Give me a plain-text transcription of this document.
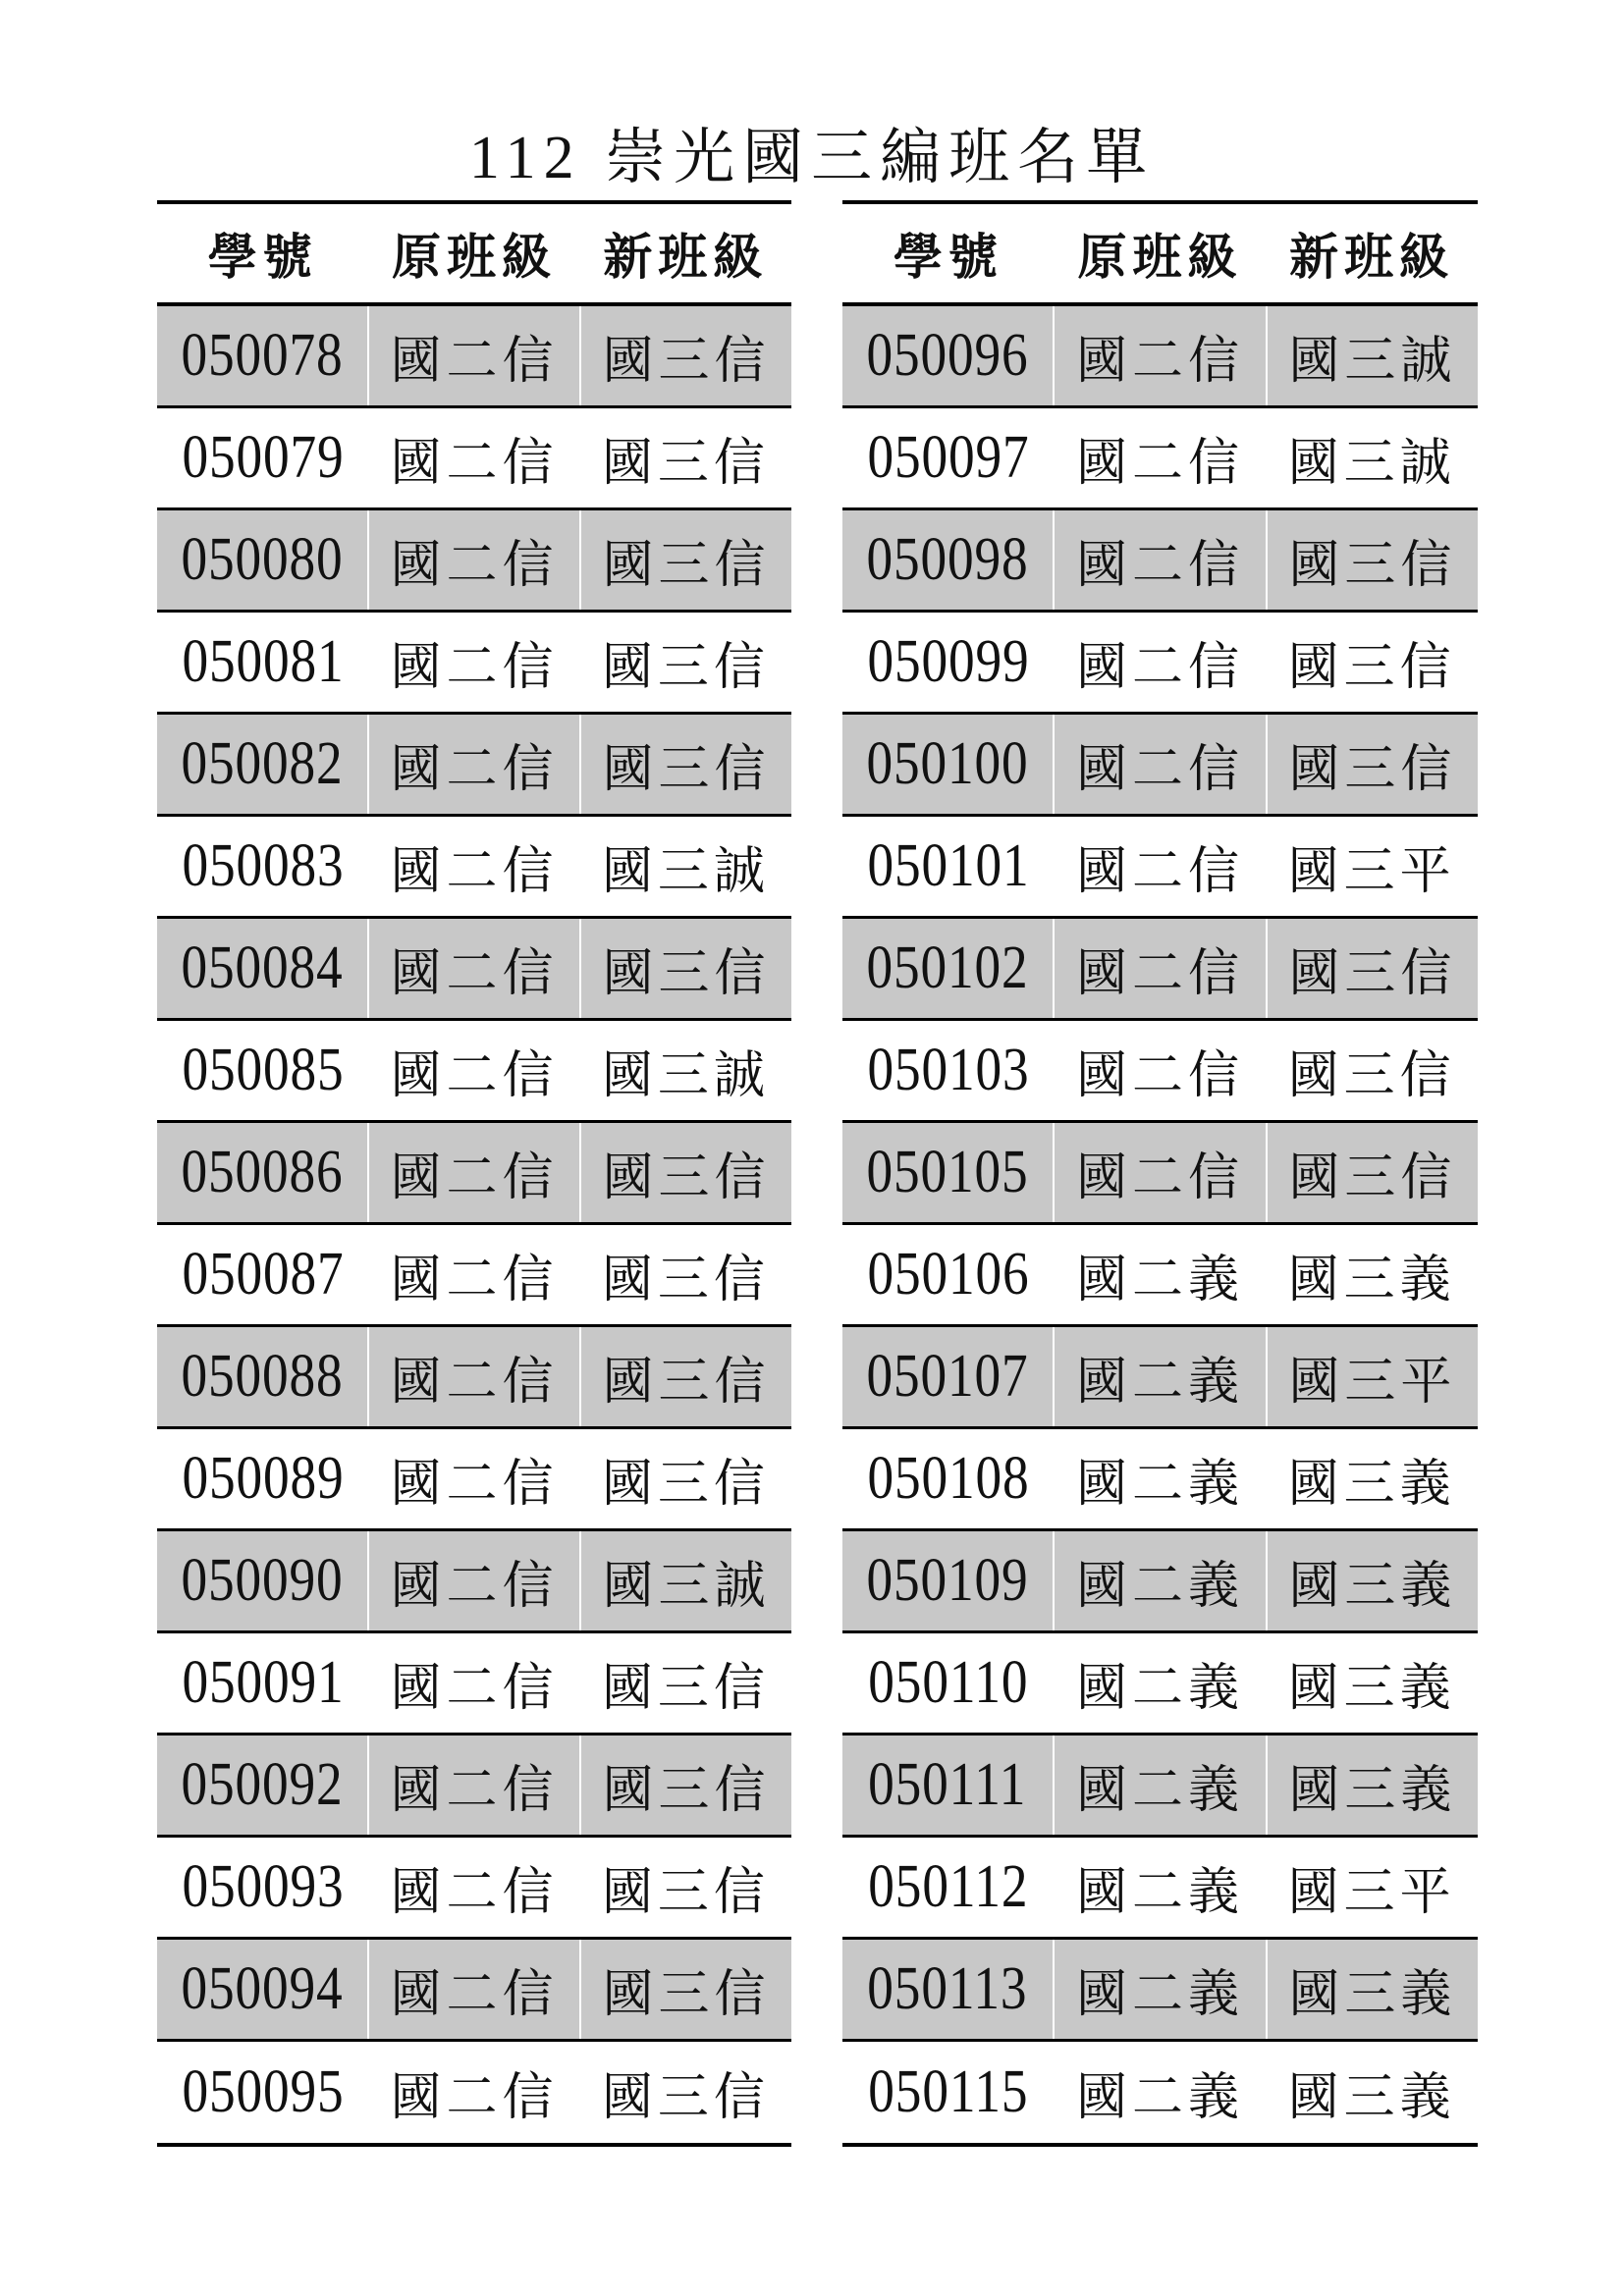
112 崇光國三編班名單
學號	原班級 新班級
050078 國二信 國三信
050079 國二信 國三信
050080 國二信 國三信
050081 國二信 國三信
050082 國二信 國三信
050083 國二信 國三誠
050084 國二信 國三信
050085 國二信 國三誠
050086 國二信 國三信
050087 國二信 國三信
050088 國二信 國三信
050089 國二信 國三信
050090 國二信 國三誠
050091 國二信 國三信
050092 國二信 國三信
050093 國二信 國三信
050094 國二信 國三信
050095 國二信 國三信
學號	原班級 新班級
050096 國二信 國三誠
050097 國二信 國三誠
050098 國二信 國三信
050099 國二信 國三信
050100 國二信 國三信
050101 國二信 國三平
050102 國二信 國三信
050103 國二信 國三信
050105 國二信 國三信
050106 國二義 國三義
050107 國二義 國三平
050108 國二義 國三義
050109 國二義 國三義
050110 國二義 國三義
050111 國二義 國三義
050112 國二義 國三平
050113 國二義 國三義
050115 國二義 國三義
